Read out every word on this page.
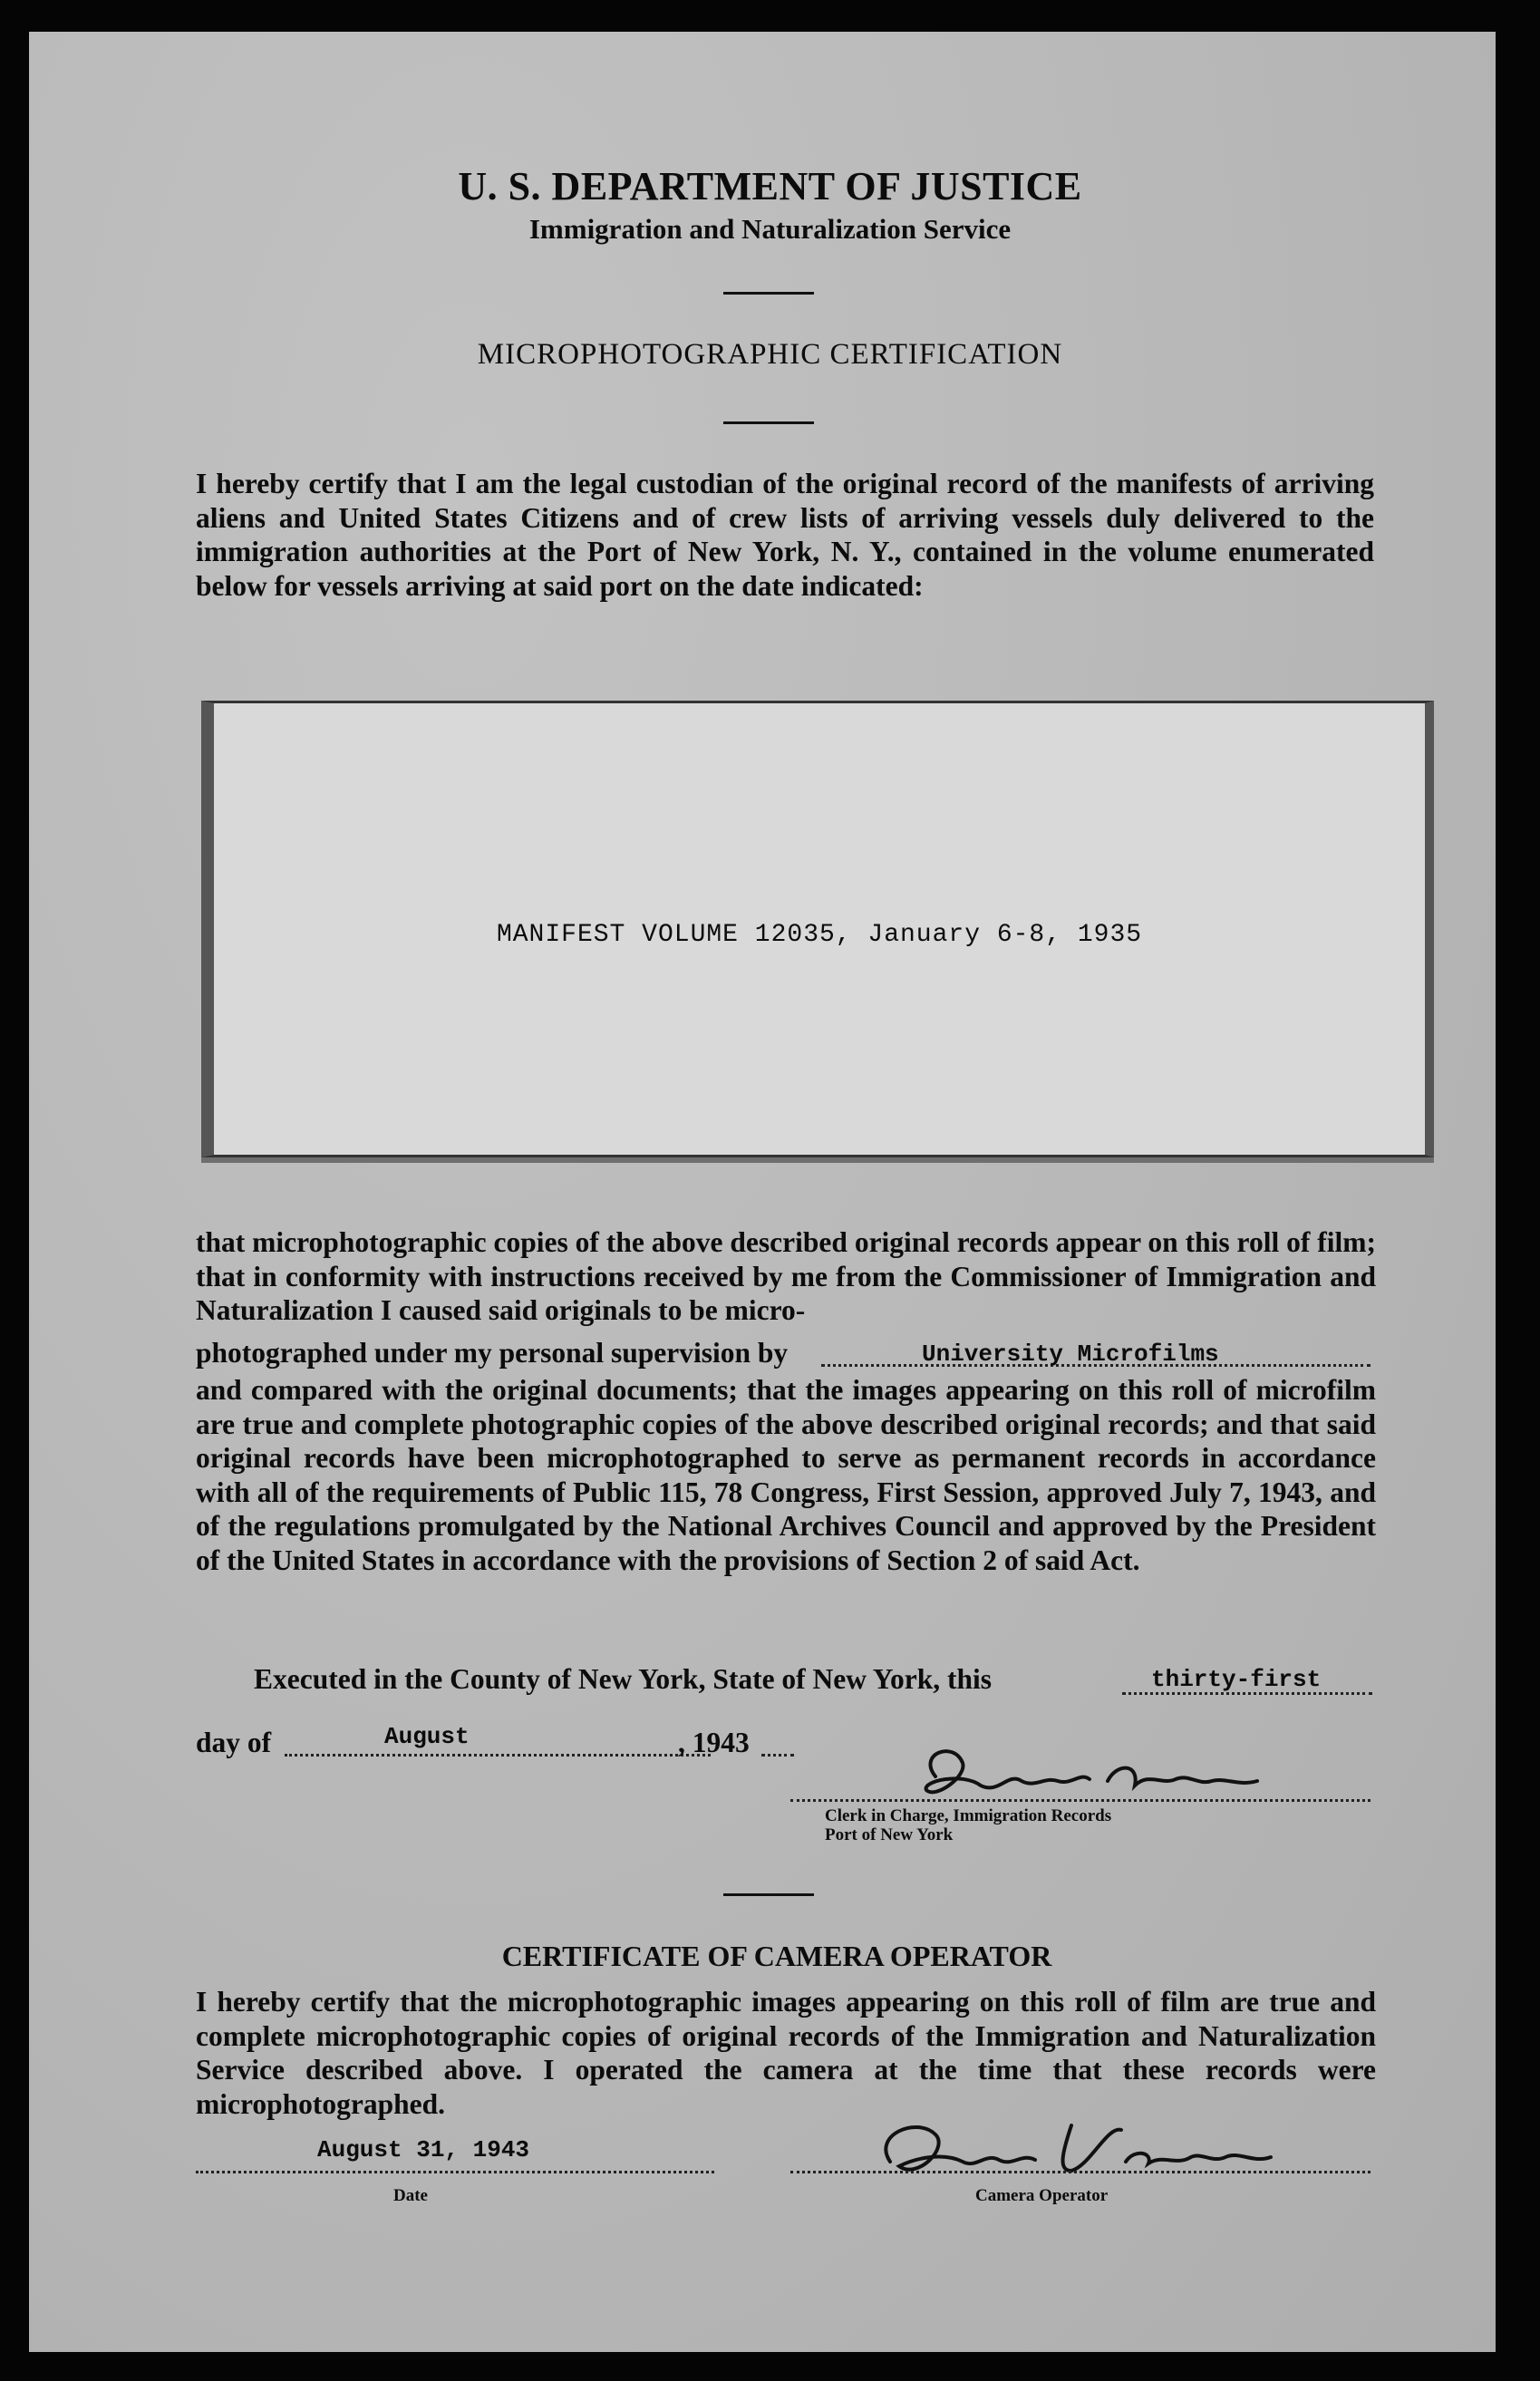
U. S. DEPARTMENT OF JUSTICE
Immigration and Naturalization Service
MICROPHOTOGRAPHIC CERTIFICATION
I hereby certify that I am the legal custodian of the original record of the manifests of arriving aliens and United States Citizens and of crew lists of arriving vessels duly delivered to the immigration authorities at the Port of New York, N. Y., contained in the volume enumerated below for vessels arriving at said port on the date indicated:
MANIFEST VOLUME 12035, January 6-8, 1935
that microphotographic copies of the above described original records appear on this roll of film; that in conformity with instructions received by me from the Commissioner of Immigration and Naturalization I caused said originals to be micro-
photographed under my personal supervision by	University Microfilms
and compared with the original documents; that the images appearing on this roll of microfilm are true and complete photographic copies of the above described original records; and that said original records have been microphotographed to serve as permanent records in accordance with all of the requirements of Public 115, 78 Congress, First Session, approved July 7, 1943, and of the regulations promulgated by the National Archives Council and approved by the President of the United States in accordance with the provisions of Section 2 of said Act.
Executed in the County of New York, State of New York, this	thirty-first
day of	August	, 1943
Clerk in Charge, Immigration Records
Port of New York
CERTIFICATE OF CAMERA OPERATOR
I hereby certify that the microphotographic images appearing on this roll of film are true and complete microphotographic copies of original records of the Immigration and Naturalization Service described above. I operated the camera at the time that these records were microphotographed.
August 31, 1943
Date	Camera Operator
